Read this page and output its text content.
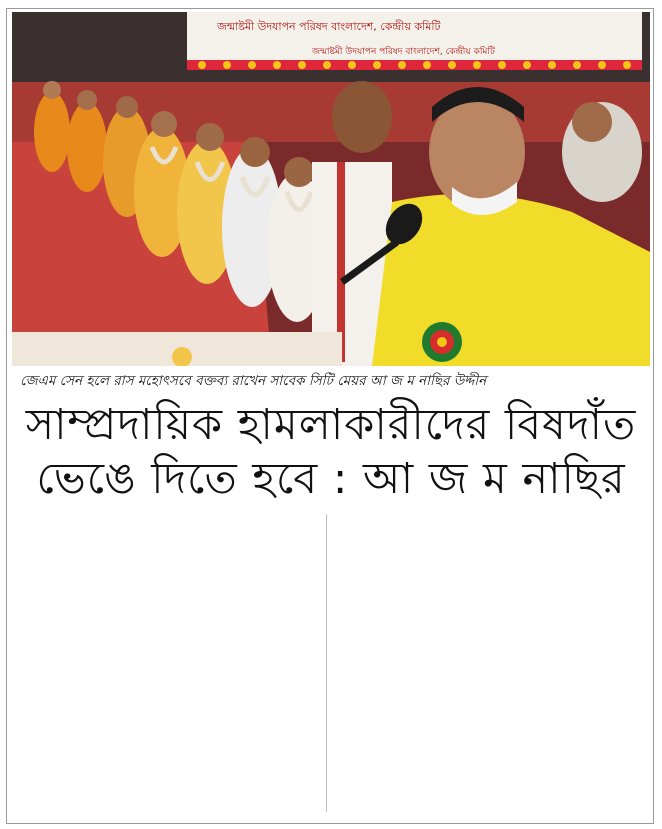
জন্মাষ্টমী উদযাপন পরিষদ বাংলাদেশ, কেন্দ্রীয় কমিটি
জন্মাষ্টমী উদযাপন পরিষদ বাংলাদেশ, কেন্দ্রীয় কমিটি
জেএম সেন হলে রাস মহোৎসবে বক্তব্য রাখেন সাবেক সিটি মেয়র আ জ ম নাছির উদ্দীন
সাম্প্রদায়িক হামলাকারীদের বিষদাঁত
ভেঙে দিতে হবে : আ জ ম নাছির
